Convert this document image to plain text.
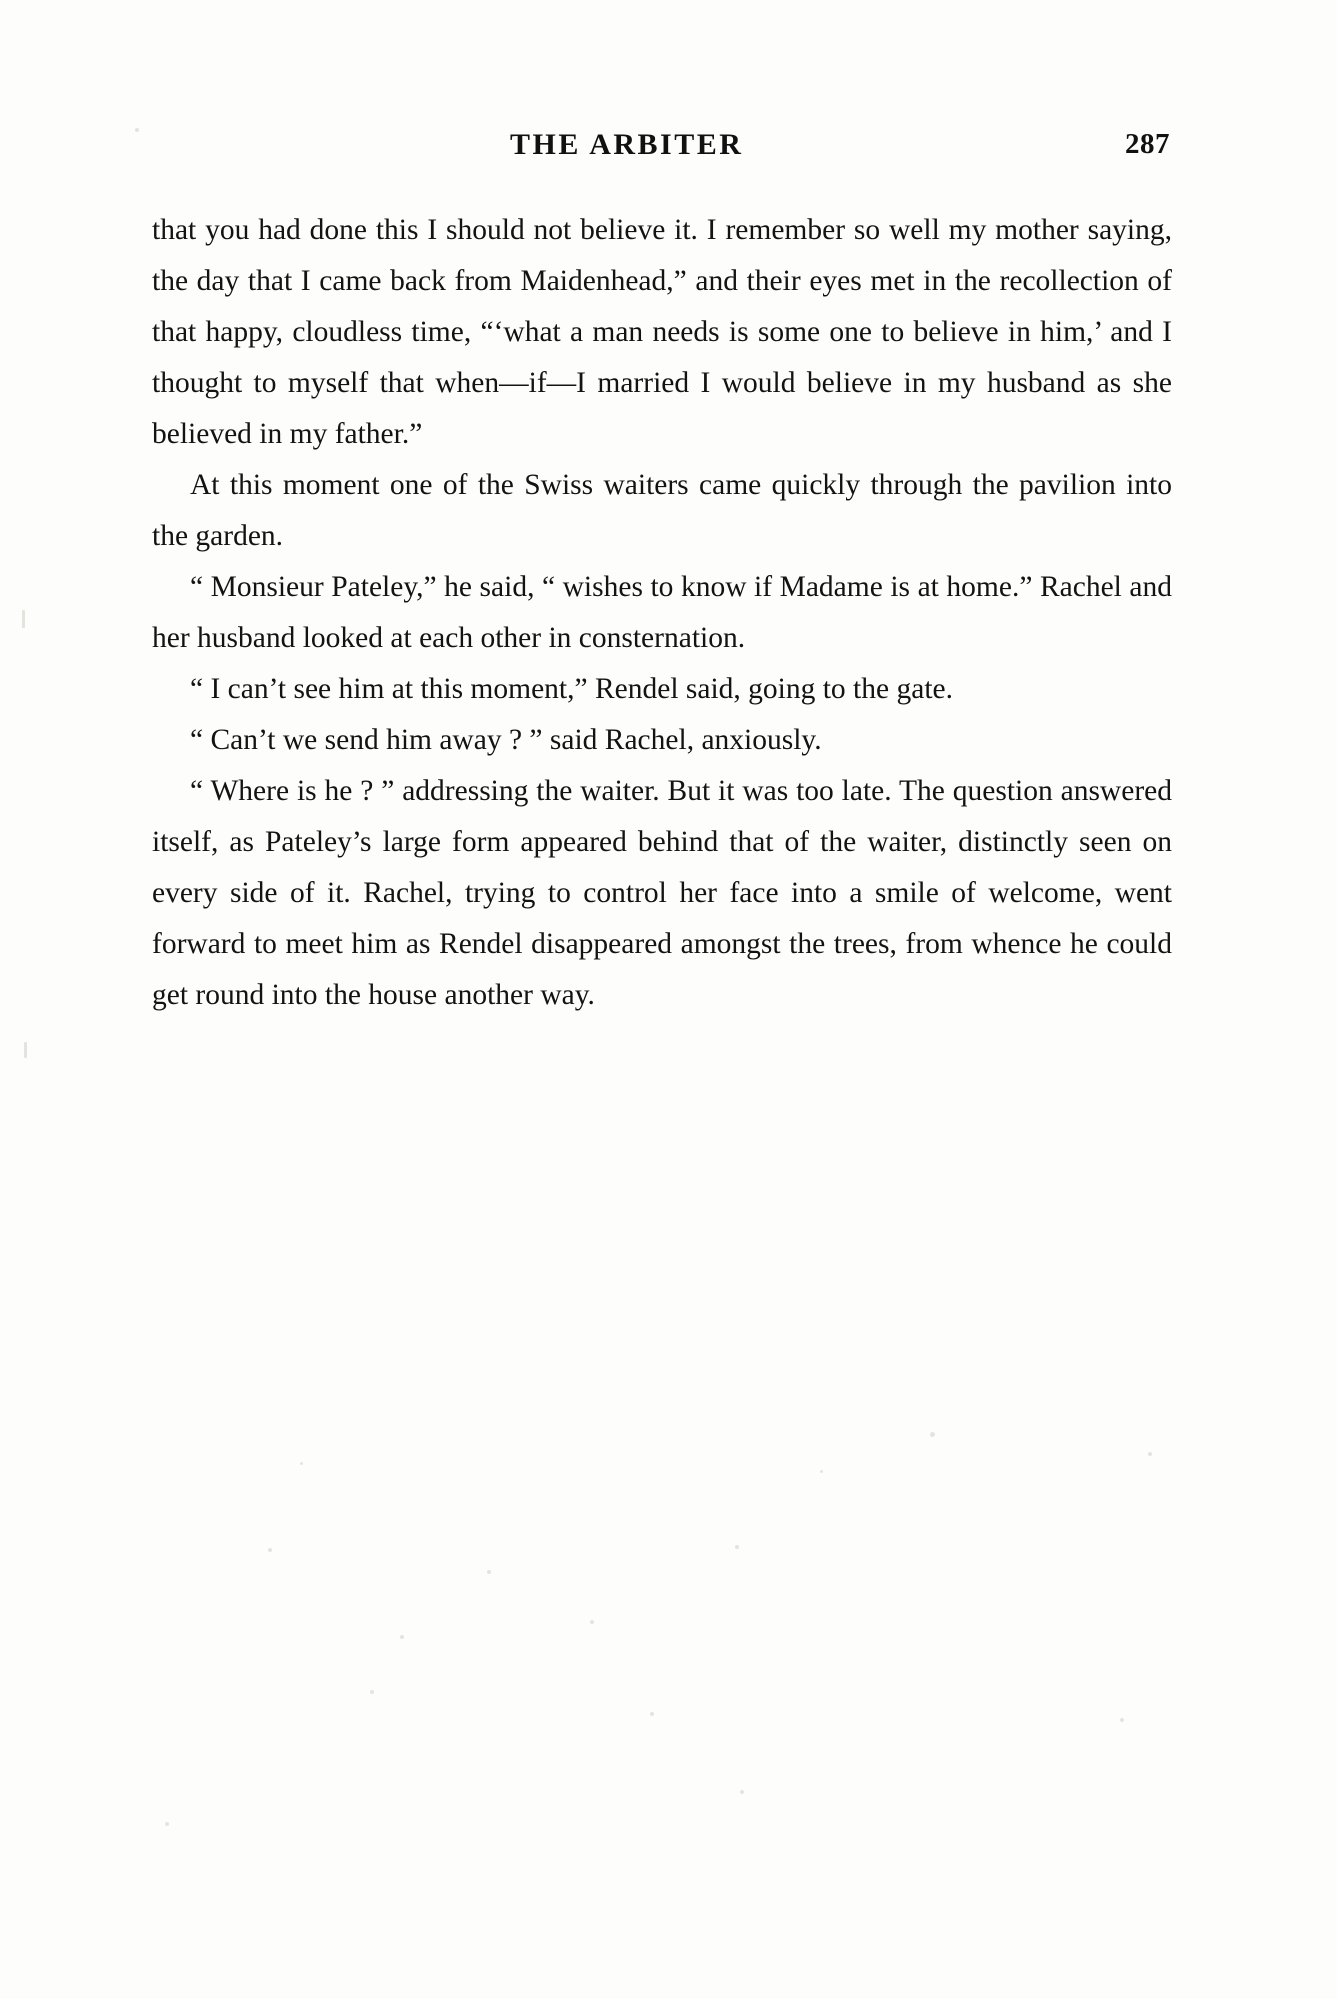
THE ARBITER	287

that you had done this I should not believe it. I remember so well my mother saying, the day that I came back from Maidenhead,” and their eyes met in the recollection of that happy, cloudless time, “‘what a man needs is some one to believe in him,’ and I thought to myself that when—if—I married I would believe in my husband as she believed in my father.”

At this moment one of the Swiss waiters came quickly through the pavilion into the garden.

“ Monsieur Pateley,” he said, “ wishes to know if Madame is at home.” Rachel and her husband looked at each other in consternation.

“ I can’t see him at this moment,” Rendel said, going to the gate.

“ Can’t we send him away ? ” said Rachel, anxiously.

“ Where is he ? ” addressing the waiter. But it was too late. The question answered itself, as Pateley’s large form appeared behind that of the waiter, distinctly seen on every side of it. Rachel, trying to control her face into a smile of welcome, went forward to meet him as Rendel disappeared amongst the trees, from whence he could get round into the house another way.
